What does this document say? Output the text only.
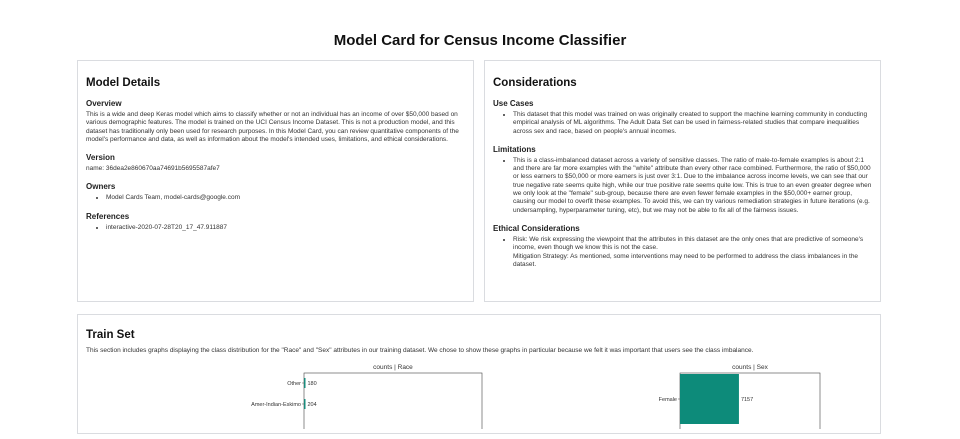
Model Card for Census Income Classifier
Model Details
Overview

This is a wide and deep Keras model which aims to classify whether or not an individual has an income of over $50,000 based on various demographic features. The model is trained on the UCI Census Income Dataset. This is not a production model, and this dataset has traditionally only been used for research purposes. In this Model Card, you can review quantitative components of the model's performance and data, as well as information about the model's intended uses, limitations, and ethical considerations.

Version

name: 36dea2e860670aa74691b5695587afe7

Owners
• Model Cards Team, model-cards@google.com
References
• interactive-2020-07-28T20_17_47.911887
Considerations
Use Cases
• This dataset that this model was trained on was originally created to support the machine learning community in conducting empirical analysis of ML algorithms. The Adult Data Set can be used in fairness-related studies that compare inequalities across sex and race, based on people's annual incomes.
Limitations
• This is a class-imbalanced dataset across a variety of sensitive classes. The ratio of male-to-female examples is about 2:1 and there are far more examples with the "white" attribute than every other race combined. Furthermore, the ratio of $50,000 or less earners to $50,000 or more earners is just over 3:1. Due to the imbalance across income levels, we can see that our true negative rate seems quite high, while our true positive rate seems quite low. This is true to an even greater degree when we only look at the "female" sub-group, because there are even fewer female examples in the $50,000+ earner group, causing our model to overfit these examples. To avoid this, we can try various remediation strategies in future iterations (e.g. undersampling, hyperparameter tuning, etc), but we may not be able to fix all of the fairness issues.
Ethical Considerations
• Risk: We risk expressing the viewpoint that the attributes in this dataset are the only ones that are predictive of someone's income, even though we know this is not the case.
Mitigation Strategy: As mentioned, some interventions may need to be performed to address the class imbalances in the dataset.
Train Set

This section includes graphs displaying the class distribution for the "Race" and "Sex" attributes in our training dataset. We chose to show these graphs in particular because we felt it was important that users see the class imbalance.

counts | Race
Other 180
Amer-Indian-Eskimo 204
counts | Sex
Female	7157
